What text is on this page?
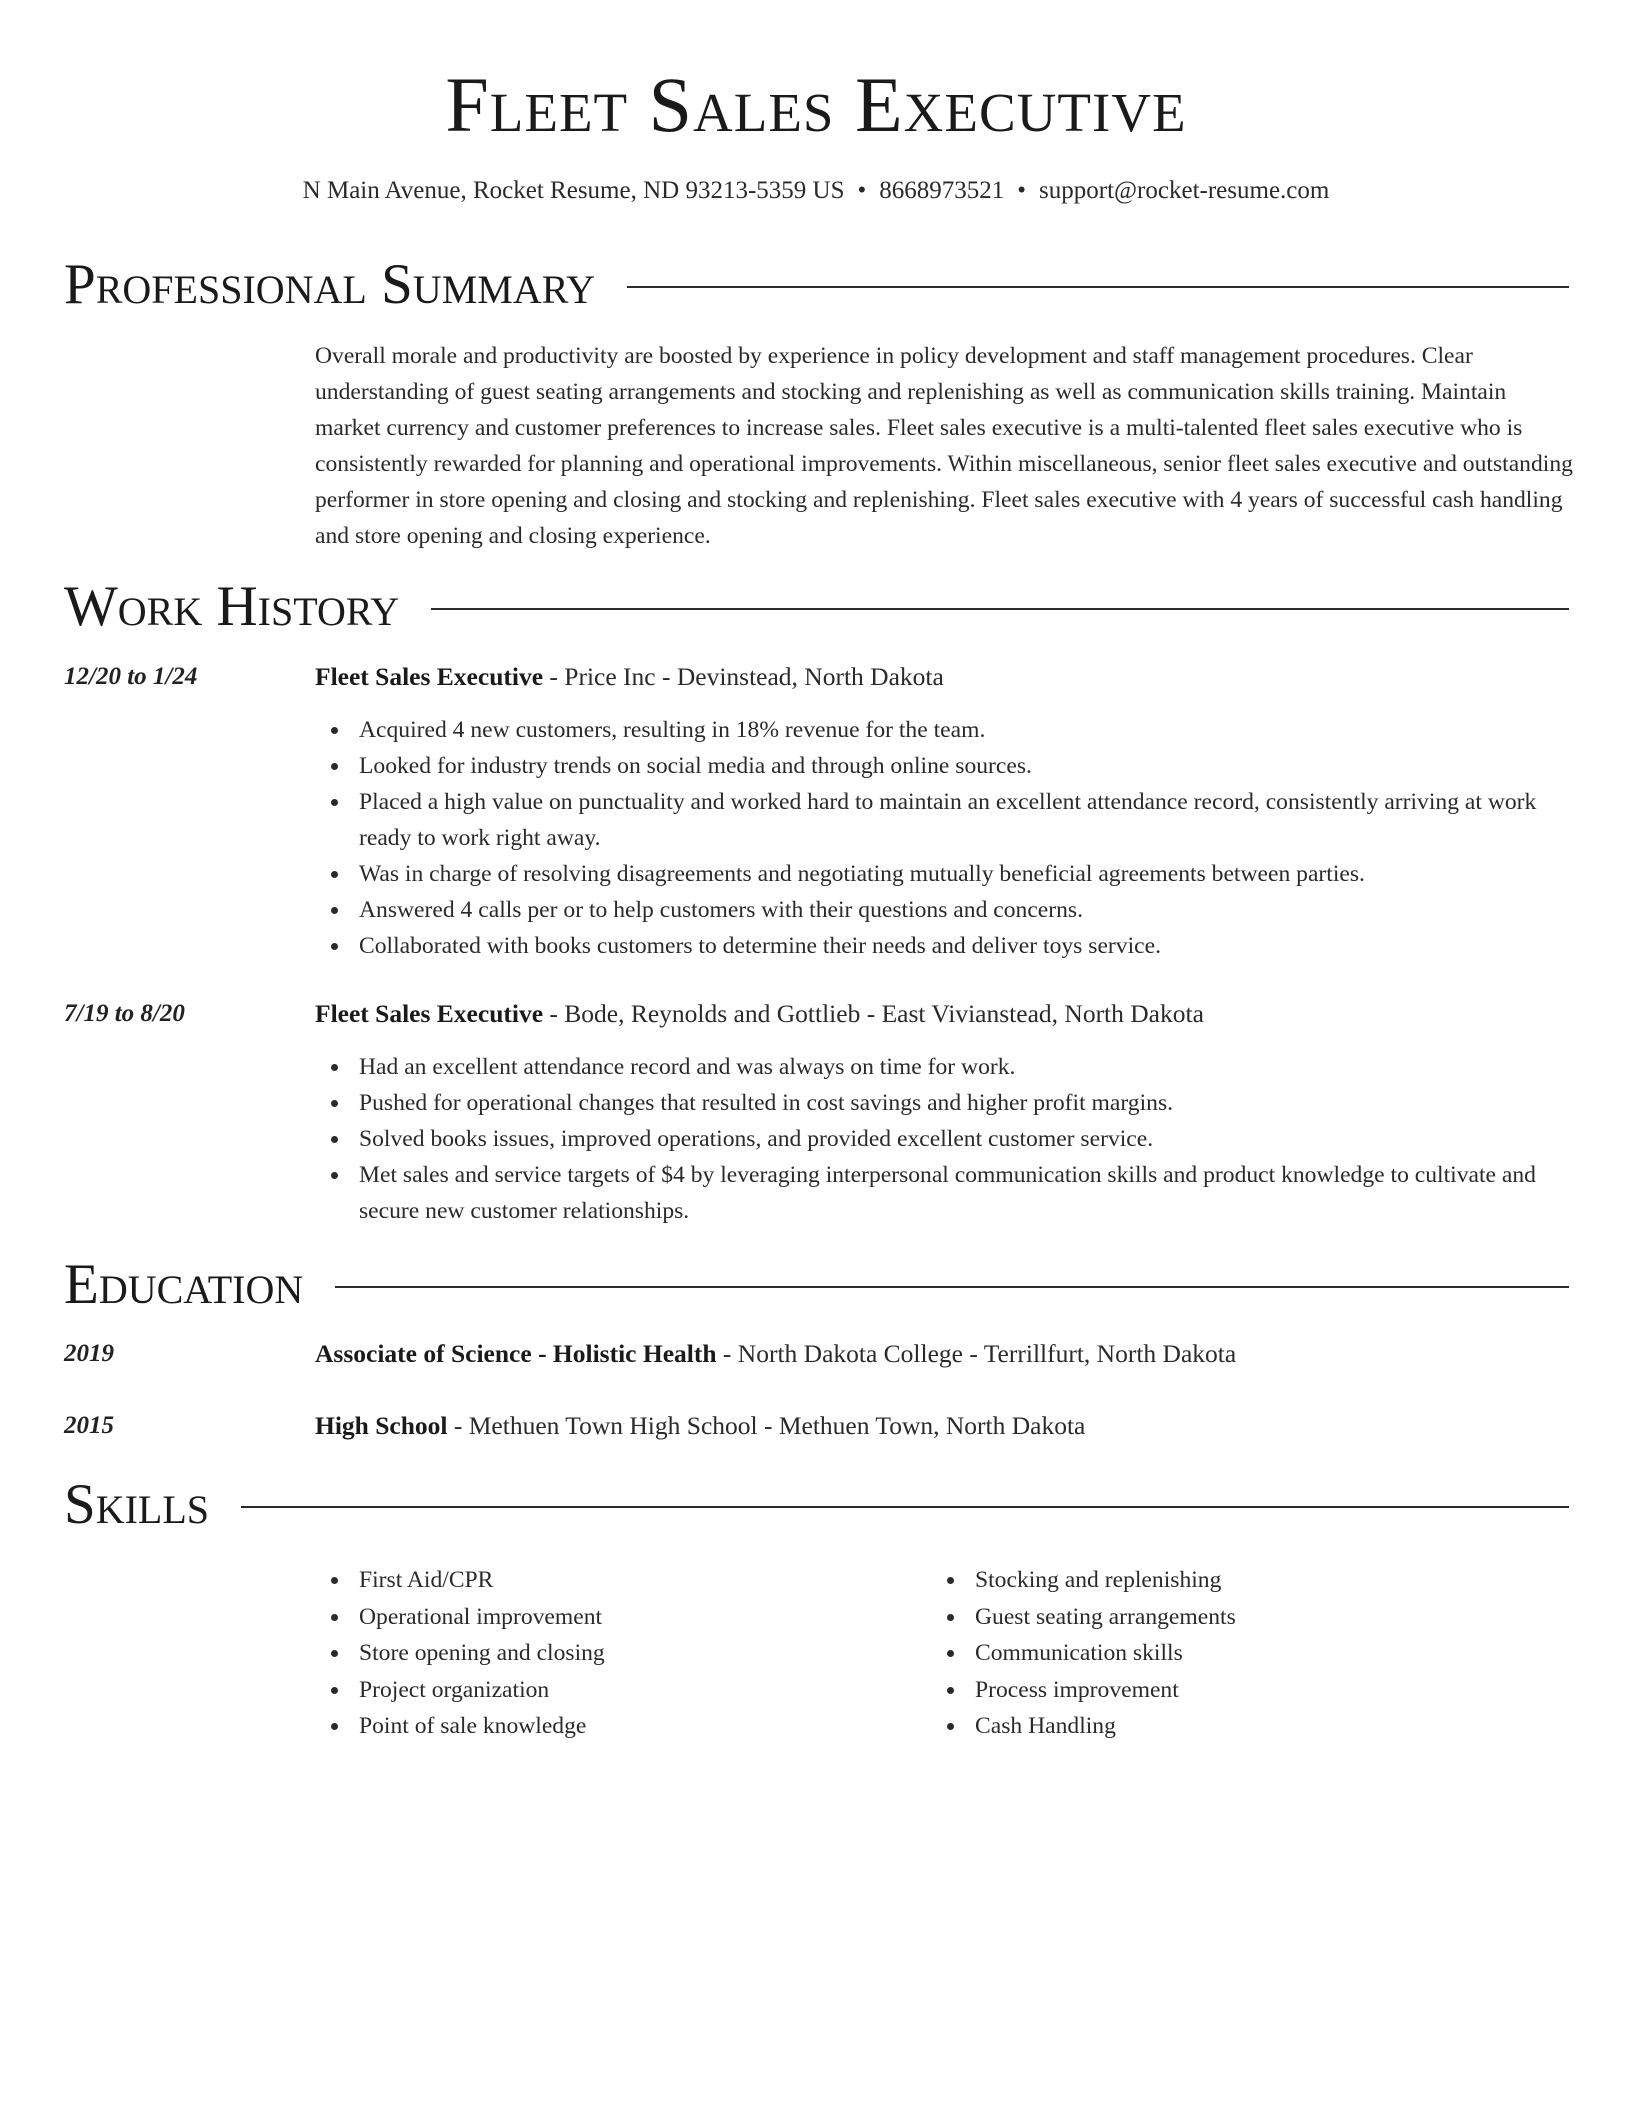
Fleet Sales Executive
N Main Avenue, Rocket Resume, ND 93213-5359 US • 8668973521 • support@rocket-resume.com
Professional Summary
Overall morale and productivity are boosted by experience in policy development and staff management procedures. Clear understanding of guest seating arrangements and stocking and replenishing as well as communication skills training. Maintain market currency and customer preferences to increase sales. Fleet sales executive is a multi-talented fleet sales executive who is consistently rewarded for planning and operational improvements. Within miscellaneous, senior fleet sales executive and outstanding performer in store opening and closing and stocking and replenishing. Fleet sales executive with 4 years of successful cash handling and store opening and closing experience.
Work History
12/20 to 1/24	Fleet Sales Executive - Price Inc - Devinstead, North Dakota
Acquired 4 new customers, resulting in 18% revenue for the team.
Looked for industry trends on social media and through online sources.
Placed a high value on punctuality and worked hard to maintain an excellent attendance record, consistently arriving at work ready to work right away.
Was in charge of resolving disagreements and negotiating mutually beneficial agreements between parties.
Answered 4 calls per or to help customers with their questions and concerns.
Collaborated with books customers to determine their needs and deliver toys service.
7/19 to 8/20	Fleet Sales Executive - Bode, Reynolds and Gottlieb - East Vivianstead, North Dakota
Had an excellent attendance record and was always on time for work.
Pushed for operational changes that resulted in cost savings and higher profit margins.
Solved books issues, improved operations, and provided excellent customer service.
Met sales and service targets of $4 by leveraging interpersonal communication skills and product knowledge to cultivate and secure new customer relationships.
Education
2019	Associate of Science - Holistic Health - North Dakota College - Terrillfurt, North Dakota
2015	High School - Methuen Town High School - Methuen Town, North Dakota
Skills
First Aid/CPR
Operational improvement
Store opening and closing
Project organization
Point of sale knowledge
Stocking and replenishing
Guest seating arrangements
Communication skills
Process improvement
Cash Handling
